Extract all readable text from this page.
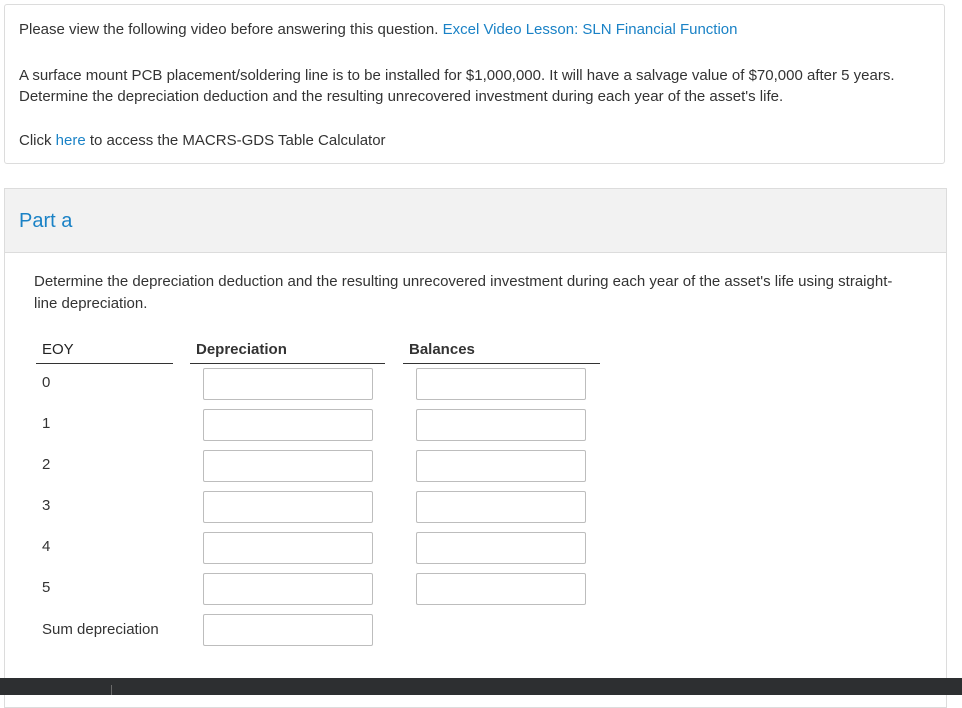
Please view the following video before answering this question. Excel Video Lesson: SLN Financial Function

A surface mount PCB placement/soldering line is to be installed for $1,000,000. It will have a salvage value of $70,000 after 5 years. Determine the depreciation deduction and the resulting unrecovered investment during each year of the asset's life.

Click here to access the MACRS-GDS Table Calculator

Part a

Determine the depreciation deduction and the resulting unrecovered investment during each year of the asset's life using straight-line depreciation.

EOY	Depreciation	Balances
0
1
2
3
4
5
Sum depreciation
